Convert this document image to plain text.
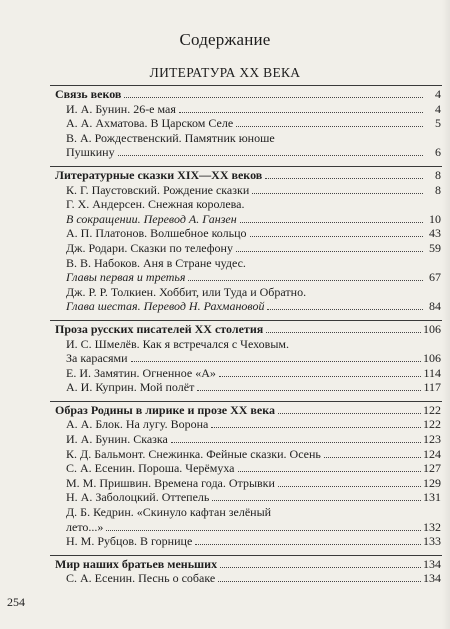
Содержание
ЛИТЕРАТУРА XX ВЕКА
Связь веков	4
И. А. Бунин. 26-е мая	4
А. А. Ахматова. В Царском Селе	5
В. А. Рождественский. Памятник юноше
Пушкину	6
Литературные сказки XIX—XX веков	8
К. Г. Паустовский. Рождение сказки	8
Г. Х. Андерсен. Снежная королева.
В сокращении. Перевод А. Ганзен	10
А. П. Платонов. Волшебное кольцо	43
Дж. Родари. Сказки по телефону	59
В. В. Набоков. Аня в Стране чудес.
Главы первая и третья	67
Дж. Р. Р. Толкиен. Хоббит, или Туда и Обратно.
Глава шестая. Перевод Н. Рахмановой	84
Проза русских писателей XX столетия	106
И. С. Шмелёв. Как я встречался с Чеховым.
За карасями	106
Е. И. Замятин. Огненное «А»	114
А. И. Куприн. Мой полёт	117
Образ Родины в лирике и прозе XX века	122
А. А. Блок. На лугу. Ворона	122
И. А. Бунин. Сказка	123
К. Д. Бальмонт. Снежинка. Фейные сказки. Осень	124
С. А. Есенин. Пороша. Черёмуха	127
М. М. Пришвин. Времена года. Отрывки	129
Н. А. Заболоцкий. Оттепель	131
Д. Б. Кедрин. «Скинуло кафтан зелёный
лето...»	132
Н. М. Рубцов. В горнице	133
Мир наших братьев меньших	134
С. А. Есенин. Песнь о собаке	134
254
